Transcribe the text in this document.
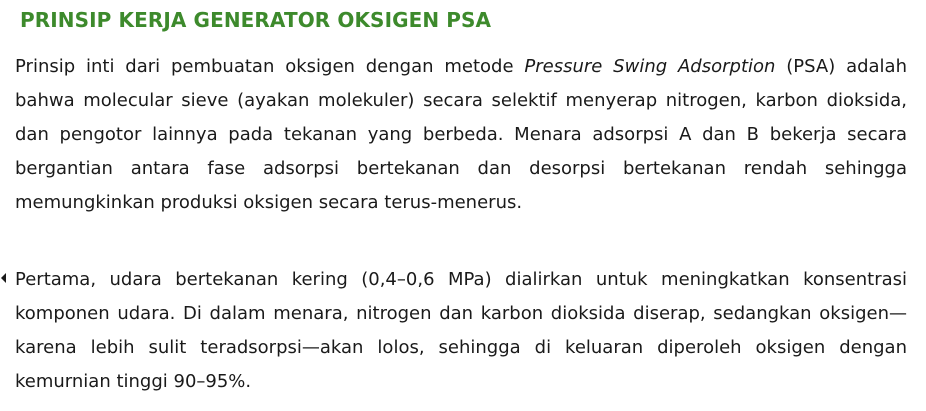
PRINSIP KERJA GENERATOR OKSIGEN PSA

Prinsip inti dari pembuatan oksigen dengan metode Pressure Swing Adsorption (PSA) adalah bahwa molecular sieve (ayakan molekuler) secara selektif menyerap nitrogen, karbon dioksida, dan pengotor lainnya pada tekanan yang berbeda. Menara adsorpsi A dan B bekerja secara bergantian antara fase adsorpsi bertekanan dan desorpsi bertekanan rendah sehingga memungkinkan produksi oksigen secara terus-menerus.

Pertama, udara bertekanan kering (0,4–0,6 MPa) dialirkan untuk meningkatkan konsentrasi komponen udara. Di dalam menara, nitrogen dan karbon dioksida diserap, sedangkan oksigen—karena lebih sulit teradsorpsi—akan lolos, sehingga di keluaran diperoleh oksigen dengan kemurnian tinggi 90–95%.
